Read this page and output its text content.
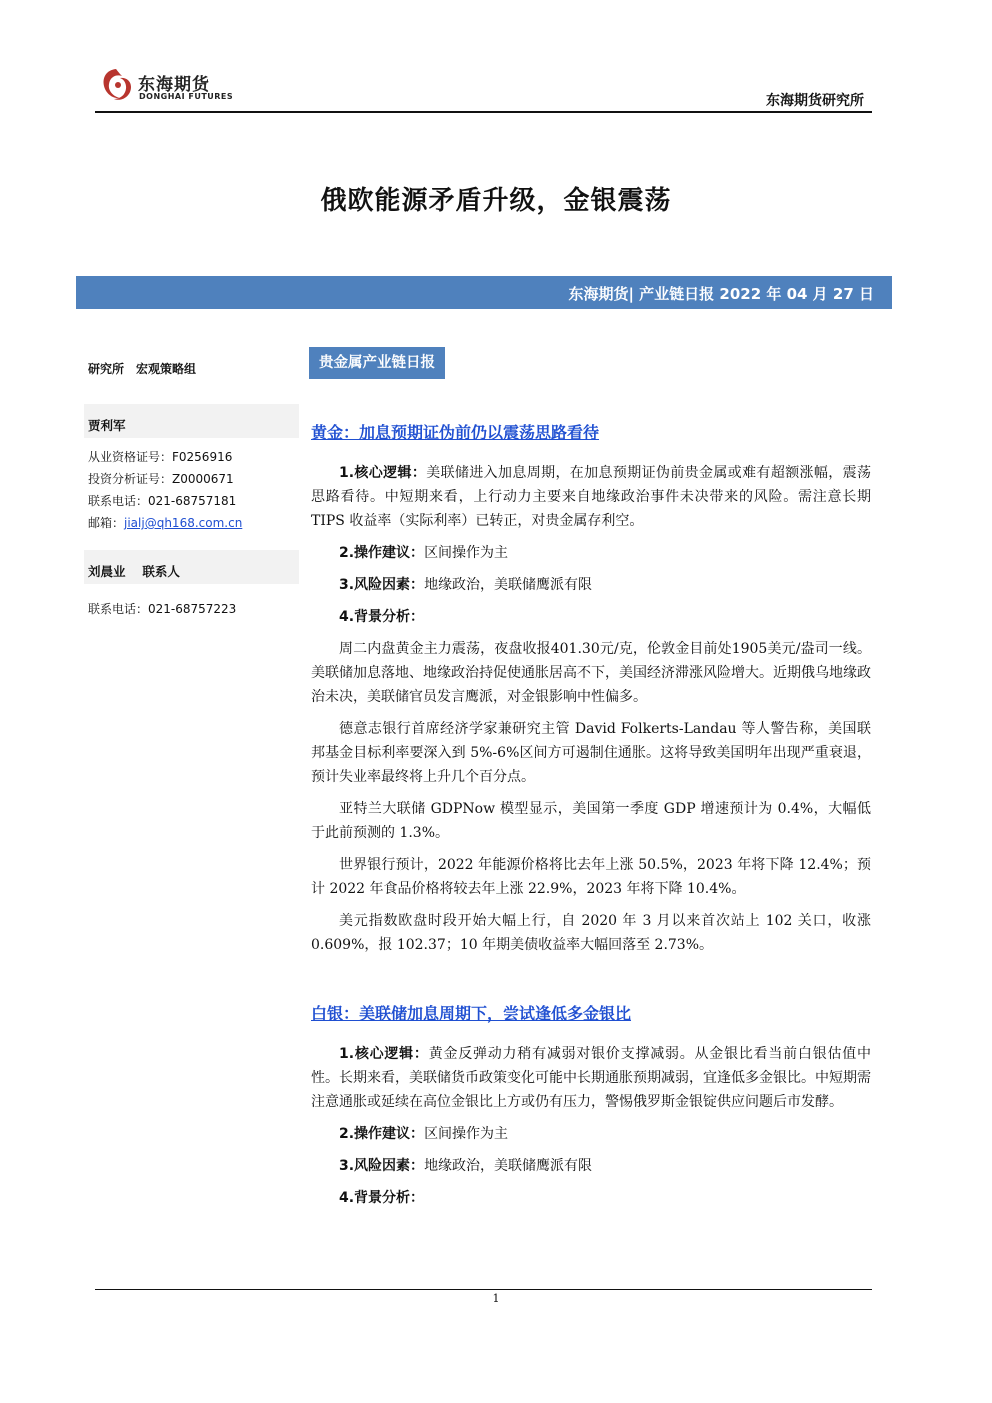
东海期货
DONGHAI FUTURES	东海期货研究所
俄欧能源矛盾升级，金银震荡
东海期货| 产业链日报 2022 年 04 月 27 日
研究所　宏观策略组
贾利军
从业资格证号：F0256916
投资分析证号：Z0000671
联系电话：021-68757181
邮箱：jialj@qh168.com.cn
刘晨业　 联系人
联系电话：021-68757223
贵金属产业链日报
黄金：加息预期证伪前仍以震荡思路看待

1.核心逻辑：美联储进入加息周期，在加息预期证伪前贵金属或难有超额涨幅，震荡思路看待。中短期来看，上行动力主要来自地缘政治事件未决带来的风险。需注意长期 TIPS 收益率（实际利率）已转正，对贵金属存利空。

2.操作建议：区间操作为主

3.风险因素：地缘政治，美联储鹰派有限

4.背景分析：

周二内盘黄金主力震荡，夜盘收报401.30元/克，伦敦金目前处1905美元/盎司一线。美联储加息落地、地缘政治持促使通胀居高不下，美国经济滞涨风险增大。近期俄乌地缘政治未决，美联储官员发言鹰派，对金银影响中性偏多。

德意志银行首席经济学家兼研究主管 David Folkerts-Landau 等人警告称，美国联邦基金目标利率要深入到 5%-6%区间方可遏制住通胀。这将导致美国明年出现严重衰退，预计失业率最终将上升几个百分点。

亚特兰大联储 GDPNow 模型显示，美国第一季度 GDP 增速预计为 0.4%，大幅低于此前预测的 1.3%。

世界银行预计，2022 年能源价格将比去年上涨 50.5%，2023 年将下降 12.4%；预计 2022 年食品价格将较去年上涨 22.9%，2023 年将下降 10.4%。

美元指数欧盘时段开始大幅上行，自 2020 年 3 月以来首次站上 102 关口，收涨 0.609%，报 102.37；10 年期美债收益率大幅回落至 2.73%。

白银：美联储加息周期下，尝试逢低多金银比

1.核心逻辑：黄金反弹动力稍有减弱对银价支撑减弱。从金银比看当前白银估值中性。长期来看，美联储货币政策变化可能中长期通胀预期减弱，宜逢低多金银比。中短期需注意通胀或延续在高位金银比上方或仍有压力，警惕俄罗斯金银锭供应问题后市发酵。

2.操作建议：区间操作为主

3.风险因素：地缘政治，美联储鹰派有限

4.背景分析：

1
